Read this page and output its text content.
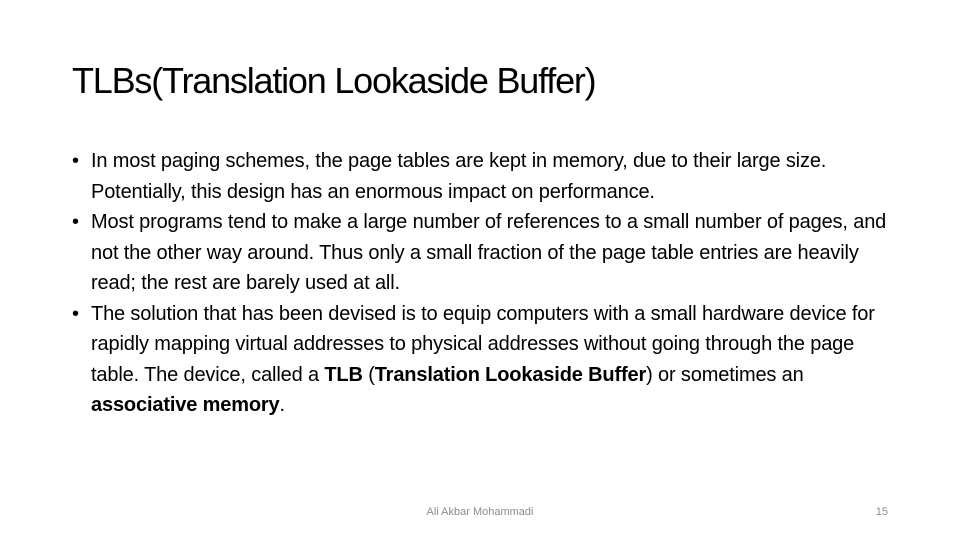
TLBs(Translation Lookaside Buffer)
• In most paging schemes, the page tables are kept in memory, due to their large size. Potentially, this design has an enormous impact on performance.
• Most programs tend to make a large number of references to a small number of pages, and not the other way around. Thus only a small fraction of the page table entries are heavily read; the rest are barely used at all.
• The solution that has been devised is to equip computers with a small hardware device for rapidly mapping virtual addresses to physical addresses without going through the page table. The device, called a TLB (Translation Lookaside Buffer) or sometimes an associative memory.
Ali Akbar Mohammadi	15
